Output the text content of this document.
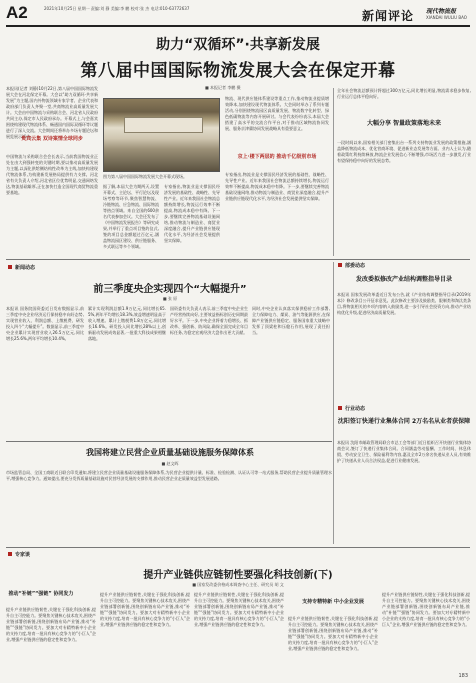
A2	2021年10月25日 星期一 责编:刘 静 美编:李 鹏 校对:张 杰 电话:010-63772637
新闻评论 现代物流报
XIANDAI WULIU BAO
助力“双循环”·共享新发展
第八届中国国际物流发展大会在保定开幕
本报讯(记者 刘静)10月22日,第八届中国国际物流发展大会在河北保定开幕。大会以“助力双循环·共享新发展”为主题,国内外物流领域专家学者、企业代表和政府部门负责人齐聚一堂,共商物流业高质量发展大计。大会由中国物流与采购联合会、河北省人民政府共同主办,保定市人民政府承办。开幕式上,与会嘉宾围绕构建现代物流体系、畅通国内国际双循环等议题进行了深入交流。大会期间还将举办多场专题论坛和展览展示活动。
贵宾云集 双诗案情全球同步
中国物流与采购联合会会长表示,当前我国物流业正处在由大到强转变的关键时期,要以推动高质量发展为主题,以深化供给侧结构性改革为主线,加快构建现代物流体系,为构建新发展格局提供有力支撑。河北省有关负责人介绍,河北省区位优势明显,交通网络发达,物流基础雄厚,正在加快打造全国现代商贸物流重要基地。
■ 本报记者 李鹏 摄
图为第八届中国国际物流发展大会开幕式现场。
据了解,本届大会为期两天,设置开幕式、主论坛、平行论坛及现场考察等环节,聚焦智慧物流、冷链物流、应急物流、国际物流等热点领域。来自全国的600余名代表参加会议。大会还发布了《中国物流发展报告》等研究成果,并举行了重点项目签约仪式,签约项目总金额超过百亿元,涵盖物流园区建设、供应链服务、多式联运等多个领域。
专家指出,物流业是支撑国民经济发展的基础性、战略性、先导性产业。近年来我国社会物流总额持续增长,物流运行效率不断提高,物流成本稳中有降。下一步,要继续完善物流基础设施网络,推动物流与制造业、商贸业深度融合,提升产业链供应链现代化水平,为经济社会发展提供坚实保障。
物流、现代供应链体系建设等重点工作,推动物流业提质增效降本,加快建设现代物流体系。大会同时举办了系列专题活动,分别围绕物流园区高质量发展、物流数字化转型、绿色低碳物流等内容开展研讨。与会代表纷纷表示,本届大会搭建了高水平的交流合作平台,对于推动区域物流协同发展、服务京津冀协同发展战略具有重要意义。
京上·楼下两层的 推动千亿级别市场
专家指出,物流业是支撑国民经济发展的基础性、战略性、先导性产业。近年来我国社会物流总额持续增长,物流运行效率不断提高,物流成本稳中有降。下一步,要继续完善物流基础设施网络,推动物流与制造业、商贸业深度融合,提升产业链供应链现代化水平,为经济社会发展提供坚实保障。
全年社会物流总额预计将超过300万亿元,同比增长明显,物流需求稳步恢复,行业运行总体平稳向好。
大幅分享 智量政策落地未来
一段时间以来,国家相关部门密集出台一系列支持物流业发展的政策措施,涵盖降低物流成本、优化营商环境、促进新业态发展等方面。业内人士认为,随着政策红利持续释放,物流企业发展信心不断增强,市场活力进一步激发,行业有望保持稳中向好的发展态势。
新闻动态
前三季度央企实现四个“大幅提升”
■ 张 原
本报讯 国务院国资委近日发布数据显示,前三季度中央企业经济运行保持稳中向好态势,实现营业收入、利润总额、上缴税费、研发投入四个“大幅提升”。数据显示,前三季度中央企业累计实现营业收入26.5万亿元,同比增长25.6%,两年平均增长10.4%。
累计实现利润总额1.9万亿元,同比增长65.5%,两年平均增长18.3%,效益增速明显高于收入增速。累计上缴税费1.8万亿元,同比增长16.6%。研发投入同比增长28%以上,创新驱动发展成效显著,一批重大科技成果相继落地。
国资委有关负责人表示,前三季度中央企业生产经营持续向好,主要效益指标创历史同期最好水平。下一步,中央企业将着力稳增长、抓改革、强创新、防风险,确保全面完成全年目标任务,为稳定宏观经济大盘作出更大贡献。
同时,中央企业认真落实保供稳价工作部署,全力保障电力、煤炭、油气等能源供应,在保障产业链供应链稳定、服务国家重大战略中发挥了顶梁柱和压舱石作用,展现了责任担当。
部委动态
发改委拟修改产业结构调整指导目录
本报讯 国家发展改革委近日发布公告,就《产业结构调整指导目录(2019年本)》修改条目公开征求意见。此次修改主要涉及鼓励类、限制类和淘汰类条目,将物流相关的多项内容纳入鼓励类,进一步引导社会投资方向,推动产业结构优化升级,促进经济高质量发展。
行业动态
沈阳签订快递行业集体合同 2万名名从业者获保障
本报讯 沈阳市邮政管理局联合市总工会等部门近日组织召开快递行业集体协商会议,签订了快递行业集体合同。合同涵盖劳动报酬、工作时间、休息休假、劳动安全卫生、保险福利等内容,惠及全市2万余名快递从业人员,有效维护了快递从业人员合法权益,促进行业健康发展。
我国将建立民营企业质量基础设施服务保障体系
■ 赵文晖
市场监管总局、全国工商联近日联合印发通知,将建立民营企业质量基础设施服务保障体系,为民营企业提供计量、标准、检验检测、认证认可等一站式服务,帮助民营企业提升质量管理水平,增强核心竞争力。通知提出,要充分发挥质量基础设施对民营经济发展的支撑作用,推动民营企业走质量效益型发展道路。
专家谈
提升产业链供应链韧性要强化科技创新(下)
■ 国家发改委价格成本调查中心主任、研究员 胡 文
推动“补链”“强链” 协同发力
提升产业链供应链韧性,关键在于强化科技创新,提升自主可控能力。要聚焦关键核心技术攻关,围绕产业链部署创新链,围绕创新链布局产业链,推动“补链”“强链”协同发力。要加大对专精特新中小企业的支持力度,培育一批具有核心竞争力的“小巨人”企业,增强产业链供应链的稳定性和竞争力。
提升产业链供应链韧性,关键在于强化科技创新,提升自主可控能力。要聚焦关键核心技术攻关,围绕产业链部署创新链,围绕创新链布局产业链,推动“补链”“强链”协同发力。要加大对专精特新中小企业的支持力度,培育一批具有核心竞争力的“小巨人”企业,增强产业链供应链的稳定性和竞争力。
提升产业链供应链韧性,关键在于强化科技创新,提升自主可控能力。要聚焦关键核心技术攻关,围绕产业链部署创新链,围绕创新链布局产业链,推动“补链”“强链”协同发力。要加大对专精特新中小企业的支持力度,培育一批具有核心竞争力的“小巨人”企业,增强产业链供应链的稳定性和竞争力。
支持专精特新 中小企业发展
提升产业链供应链韧性,关键在于强化科技创新,提升自主可控能力。要聚焦关键核心技术攻关,围绕产业链部署创新链,围绕创新链布局产业链,推动“补链”“强链”协同发力。要加大对专精特新中小企业的支持力度,培育一批具有核心竞争力的“小巨人”企业,增强产业链供应链的稳定性和竞争力。
提升产业链供应链韧性,关键在于强化科技创新,提升自主可控能力。要聚焦关键核心技术攻关,围绕产业链部署创新链,围绕创新链布局产业链,推动“补链”“强链”协同发力。要加大对专精特新中小企业的支持力度,培育一批具有核心竞争力的“小巨人”企业,增强产业链供应链的稳定性和竞争力。
183
